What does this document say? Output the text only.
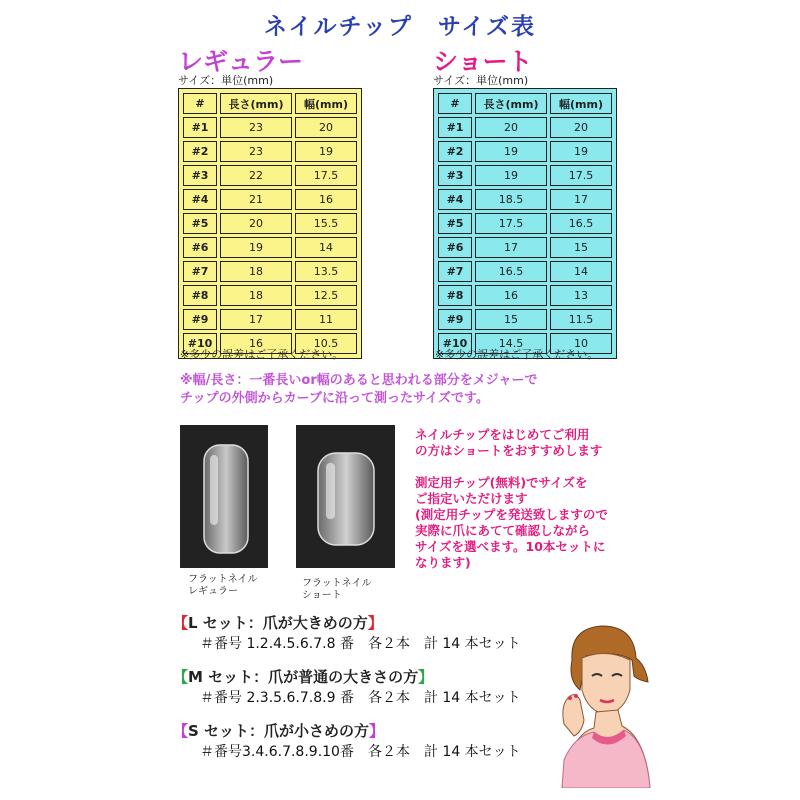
ネイルチップ　サイズ表
レギュラー
サイズ：単位(mm)
#	長さ(mm)	幅(mm)
#1	23	20
#2	23	19
#3	22	17.5
#4	21	16
#5	20	15.5
#6	19	14
#7	18	13.5
#8	18	12.5
#9	17	11
#10	16	10.5
※多少の誤差はご了承ください。
ショート
サイズ：単位(mm)
#	長さ(mm)	幅(mm)
#1	20	20
#2	19	19
#3	19	17.5
#4	18.5	17
#5	17.5	16.5
#6	17	15
#7	16.5	14
#8	16	13
#9	15	11.5
#10	14.5	10
※多少の誤差はご了承ください。
※幅/長さ：一番長いor幅のあると思われる部分をメジャーで
チップの外側からカーブに沿って測ったサイズです。
フラットネイル
レギュラー
フラットネイル
ショート
ネイルチップをはじめてご利用
の方はショートをおすすめします

測定用チップ(無料)でサイズを
ご指定いただけます
(測定用チップを発送致しますので
実際に爪にあてて確認しながら
サイズを選べます。10本セットに
なります)
【L セット：爪が大きめの方】
＃番号 1.2.4.5.6.7.8 番　各２本　計 14 本セット
【M セット：爪が普通の大きさの方】
＃番号 2.3.5.6.7.8.9 番　各２本　計 14 本セット
【S セット：爪が小さめの方】
＃番号3.4.6.7.8.9.10番　各２本　計 14 本セット
